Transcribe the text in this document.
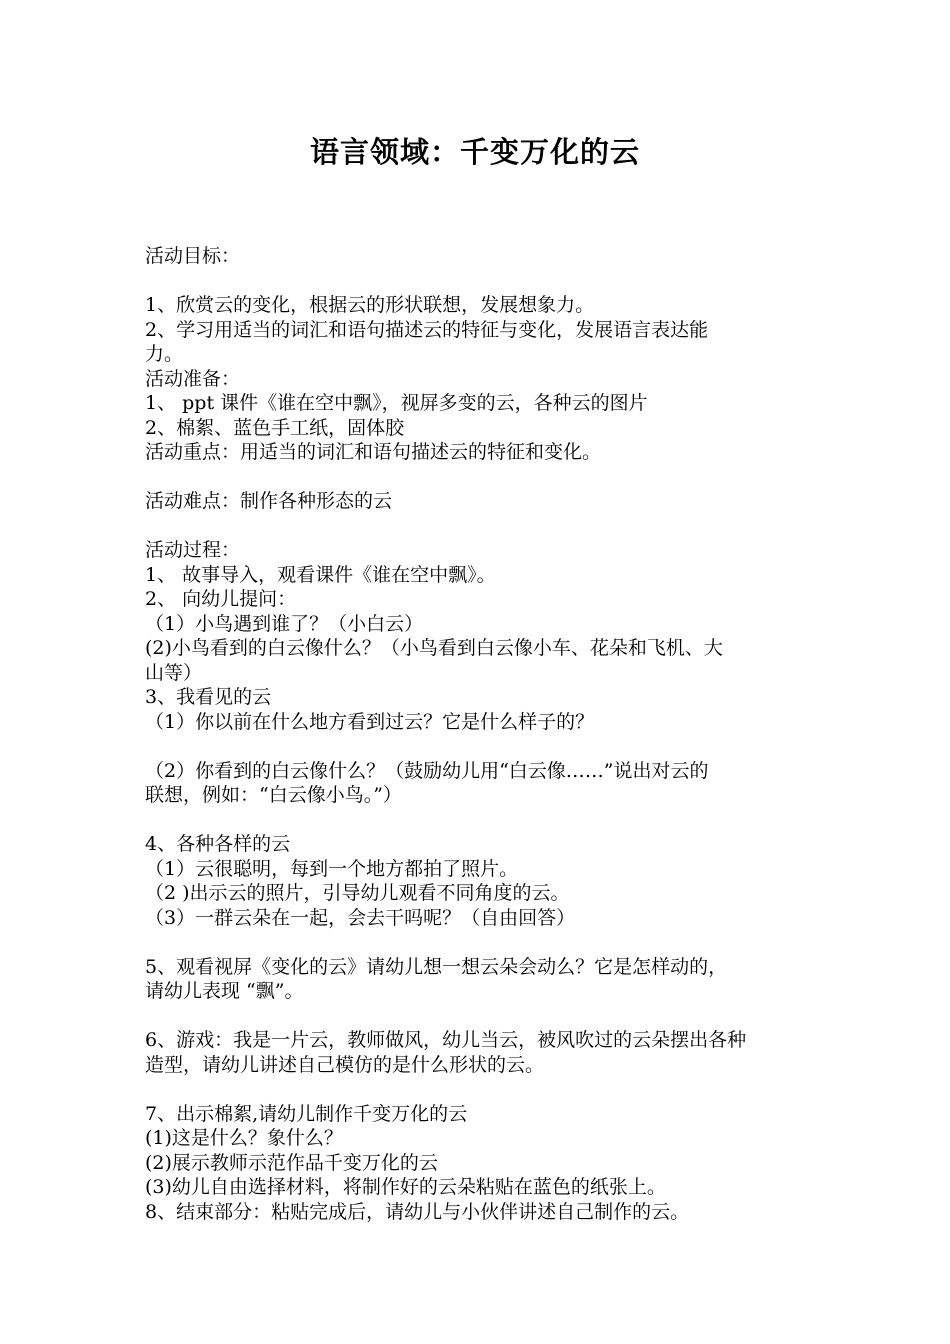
语言领域：千变万化的云
活动目标：
1、欣赏云的变化，根据云的形状联想，发展想象力。
2、学习用适当的词汇和语句描述云的特征与变化，发展语言表达能
力。
活动准备：
1、 ppt 课件《谁在空中飘》，视屏多变的云，各种云的图片
2、棉絮、蓝色手工纸，固体胶
活动重点：用适当的词汇和语句描述云的特征和变化。
活动难点：制作各种形态的云
活动过程：
1、 故事导入，观看课件《谁在空中飘》。
2、 向幼儿提问：
（1）小鸟遇到谁了？（小白云）
(2)小鸟看到的白云像什么？（小鸟看到白云像小车、花朵和飞机、大
山等）
3、我看见的云
（1）你以前在什么地方看到过云？它是什么样子的？
（2）你看到的白云像什么？（鼓励幼儿用“白云像……”说出对云的
联想，例如：“白云像小鸟。”）
4、各种各样的云
（1）云很聪明，每到一个地方都拍了照片。
（2 )出示云的照片，引导幼儿观看不同角度的云。
（3）一群云朵在一起，会去干吗呢？（自由回答）
5、观看视屏《变化的云》请幼儿想一想云朵会动么？它是怎样动的，
请幼儿表现 “飘”。
6、游戏：我是一片云，教师做风，幼儿当云，被风吹过的云朵摆出各种
造型，请幼儿讲述自己模仿的是什么形状的云。
7、出示棉絮,请幼儿制作千变万化的云
(1)这是什么？象什么？
(2)展示教师示范作品千变万化的云
(3)幼儿自由选择材料，将制作好的云朵粘贴在蓝色的纸张上。
8、结束部分：粘贴完成后，请幼儿与小伙伴讲述自己制作的云。
